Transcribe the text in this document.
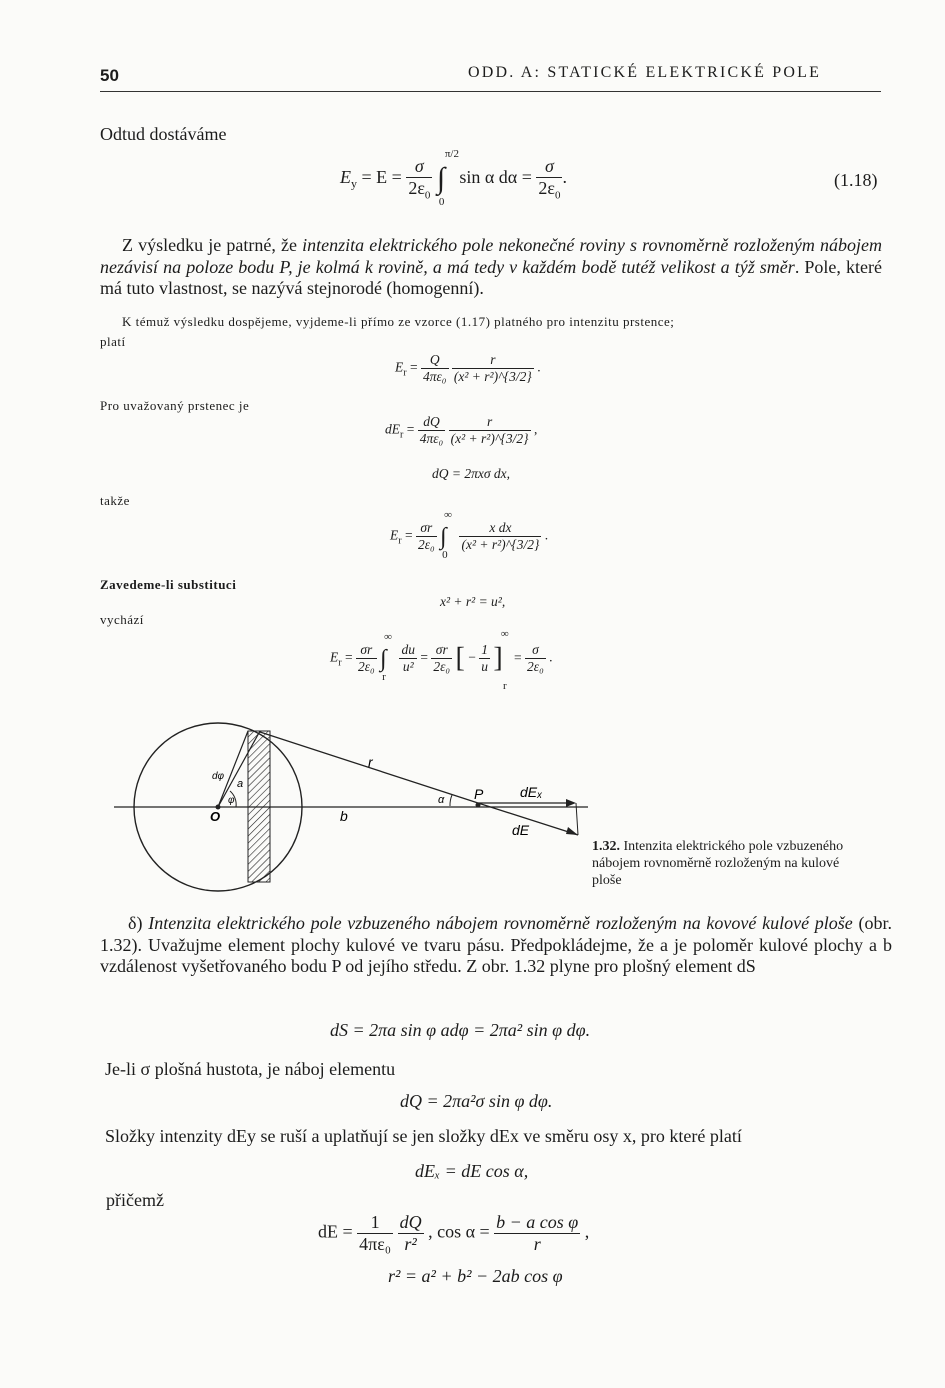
50	ODD. A: STATICKÉ ELEKTRICKÉ POLE
Odtud dostáváme
$E_y = E = \frac{\sigma}{2\varepsilon_0}$ ∫
π/2
0
sin α $d\alpha = \frac{\sigma}{2\varepsilon_0}$ .	(1.18)
Z výsledku je patrné, že intenzita elektrického pole nekonečné roviny s rovnoměrně rozloženým nábojem nezávisí na poloze bodu P, je kolmá k rovině, a má tedy v každém bodě tutéž velikost a týž směr. Pole, které má tuto vlastnost, se nazývá stejnorodé (homogenní).
K témuž výsledku dospějeme, vyjdeme-li přímo ze vzorce (1.17) platného pro intenzitu prstence;
platí
$E_r = \frac{Q}{\text{4πε₀}}$
$\frac{r}{\text{(x² + r²)\textasciicircum{}\{3/2\}}}$ .
Pro uvažovaný prstenec je
$dE_r = \frac{dQ}{\text{4πε₀}}$
$\frac{r}{\text{(x² + r²)\textasciicircum{}\{3/2\}}}$ ,
dQ = 2πxσ dx,
takže
$E_r = \frac{\sigma r}{\text{2ε₀}}$ ∫
∞
0

$\frac{\text{x dx}}{\text{(x² + r²)\textasciicircum{}\{3/2\}}}$ .
Zavedeme-li substituci
x² + r² = u²,
vychází
$E_r = \frac{\sigma r}{\text{2ε₀}}$ ∫
∞
r

$\frac{du}{\text{u²}} = \frac{\sigma r}{\text{2ε₀}}$ [ − $\frac{1}{u}$ ]
∞
r
= $\frac{\sigma}{\text{2ε₀}}$ .
r
P	dEₓ
dE
O	b
α
a
dφ
φ
1.32. Intenzita elektrického pole vzbuzeného nábojem rovnoměrně rozloženým na kulové ploše
δ) Intenzita elektrického pole vzbuzeného nábojem rovnoměrně rozloženým na kovové kulové ploše (obr. 1.32). Uvažujme element plochy kulové ve tvaru pásu. Předpokládejme, že a je poloměr kulové plochy a b vzdálenost vyšetřovaného bodu P od jejího středu. Z obr. 1.32 plyne pro plošný element dS
dS = 2πa sin φ adφ = 2πa² sin φ dφ.
Je-li σ plošná hustota, je náboj elementu
dQ = 2πa²σ sin φ dφ.
Složky intenzity dEy se ruší a uplatňují se jen složky dEx ve směru osy x, pro které platí
dEₓ = dE cos α,
přičemž
dE = $\frac{1}{\text{4πε₀}}$
$\frac{dQ}{\text{r²}}$ , $\cos \alpha = \frac{\text{b − a cos φ}}{r}$ ,
r² = a² + b² − 2ab cos φ
